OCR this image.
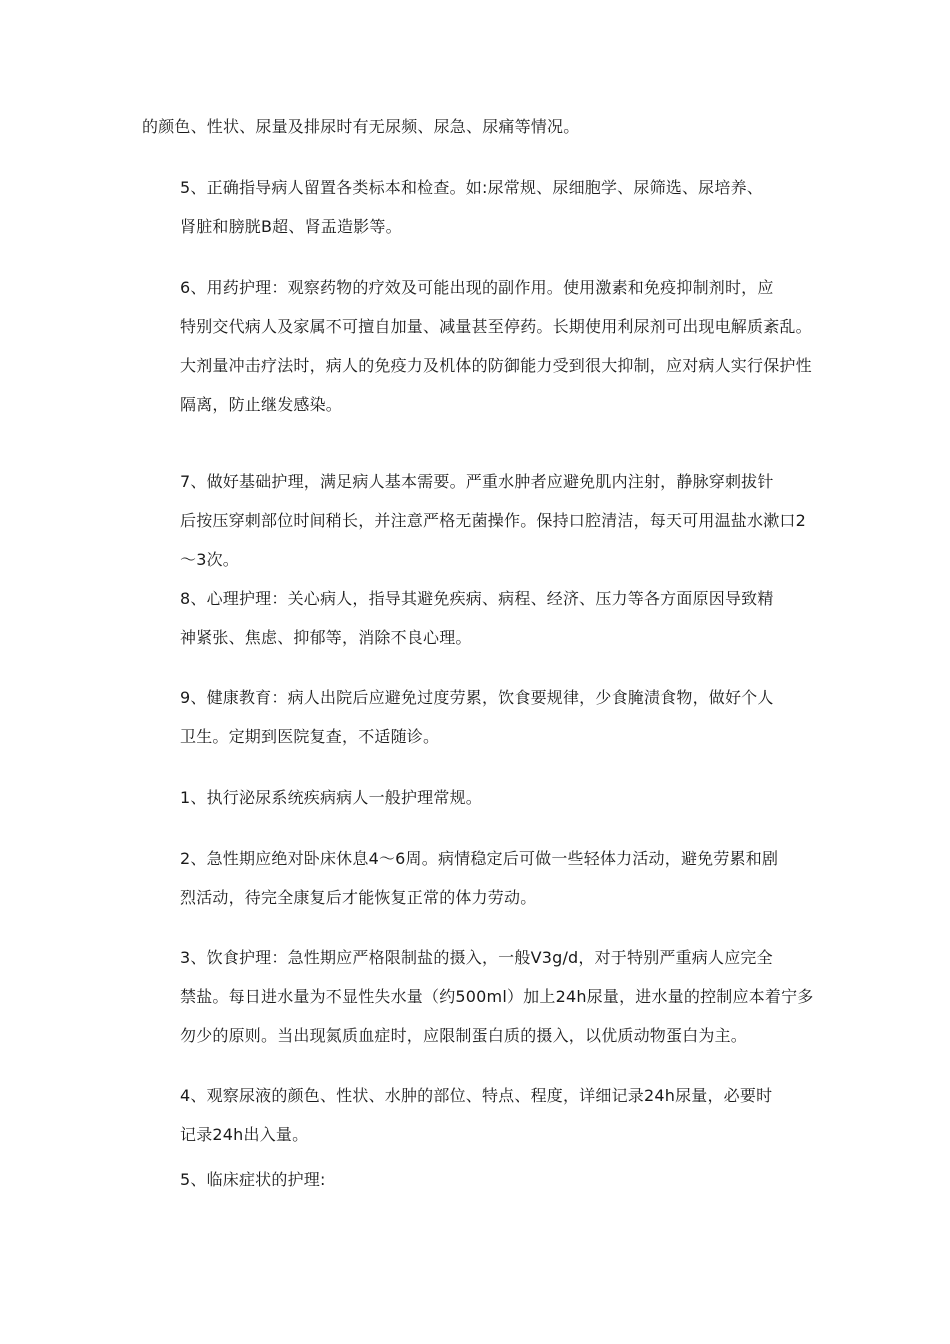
的颜色、性状、尿量及排尿时有无尿频、尿急、尿痛等情况。

5、正确指导病人留置各类标本和检查。如:尿常规、尿细胞学、尿筛选、尿培养、
肾脏和膀胱B超、肾盂造影等。

6、用药护理：观察药物的疗效及可能出现的副作用。使用激素和免疫抑制剂时，应
特别交代病人及家属不可擅自加量、减量甚至停药。长期使用利尿剂可出现电解质紊乱。
大剂量冲击疗法时，病人的免疫力及机体的防御能力受到很大抑制，应对病人实行保护性
隔离，防止继发感染。

7、做好基础护理，满足病人基本需要。严重水肿者应避免肌内注射，静脉穿刺拔针
后按压穿刺部位时间稍长，并注意严格无菌操作。保持口腔清洁，每天可用温盐水漱口2
〜3次。

8、心理护理：关心病人，指导其避免疾病、病程、经济、压力等各方面原因导致精
神紧张、焦虑、抑郁等，消除不良心理。

9、健康教育：病人出院后应避免过度劳累，饮食要规律，少食腌渍食物，做好个人
卫生。定期到医院复查，不适随诊。

1、执行泌尿系统疾病病人一般护理常规。

2、急性期应绝对卧床休息4〜6周。病情稳定后可做一些轻体力活动，避免劳累和剧
烈活动，待完全康复后才能恢复正常的体力劳动。

3、饮食护理：急性期应严格限制盐的摄入，一般V3g/d，对于特别严重病人应完全
禁盐。每日进水量为不显性失水量（约500ml）加上24h尿量，进水量的控制应本着宁多
勿少的原则。当出现氮质血症时，应限制蛋白质的摄入，以优质动物蛋白为主。

4、观察尿液的颜色、性状、水肿的部位、特点、程度，详细记录24h尿量，必要时
记录24h出入量。

5、临床症状的护理:
